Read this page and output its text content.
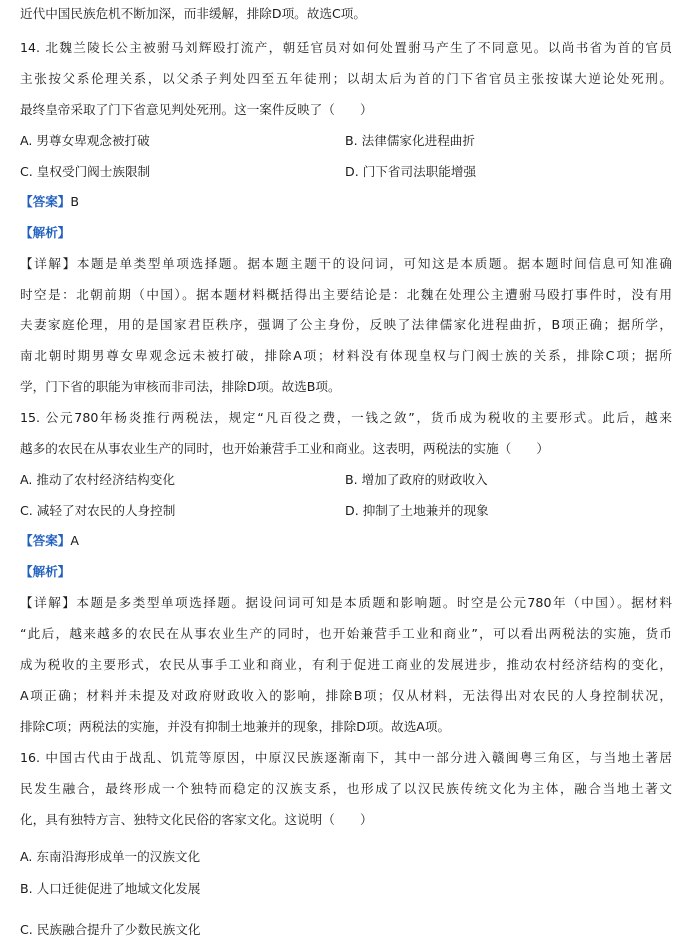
近代中国民族危机不断加深，而非缓解，排除D项。故选C项。
14. 北魏兰陵长公主被驸马刘辉殴打流产，朝廷官员对如何处置驸马产生了不同意见。以尚书省为首的官员
主张按父系伦理关系，以父杀子判处四至五年徒刑；以胡太后为首的门下省官员主张按谋大逆论处死刑。
最终皇帝采取了门下省意见判处死刑。这一案件反映了（　　）
A. 男尊女卑观念被打破	B. 法律儒家化进程曲折
C. 皇权受门阀士族限制	D. 门下省司法职能增强
【答案】B
【解析】
【详解】本题是单类型单项选择题。据本题主题干的设问词，可知这是本质题。据本题时间信息可知准确
时空是：北朝前期（中国）。据本题材料概括得出主要结论是：北魏在处理公主遭驸马殴打事件时，没有用
夫妻家庭伦理，用的是国家君臣秩序，强调了公主身份，反映了法律儒家化进程曲折，B项正确；据所学，
南北朝时期男尊女卑观念远未被打破，排除A项；材料没有体现皇权与门阀士族的关系，排除C项；据所
学，门下省的职能为审核而非司法，排除D项。故选B项。
15. 公元780年杨炎推行两税法，规定“凡百役之费，一钱之敛”，货币成为税收的主要形式。此后，越来
越多的农民在从事农业生产的同时，也开始兼营手工业和商业。这表明，两税法的实施（　　）
A. 推动了农村经济结构变化	B. 增加了政府的财政收入
C. 减轻了对农民的人身控制	D. 抑制了土地兼并的现象
【答案】A
【解析】
【详解】本题是多类型单项选择题。据设问词可知是本质题和影响题。时空是公元780年（中国）。据材料
“此后，越来越多的农民在从事农业生产的同时，也开始兼营手工业和商业”，可以看出两税法的实施，货币
成为税收的主要形式，农民从事手工业和商业，有利于促进工商业的发展进步，推动农村经济结构的变化，
A项正确；材料并未提及对政府财政收入的影响，排除B项；仅从材料，无法得出对农民的人身控制状况，
排除C项；两税法的实施，并没有抑制土地兼并的现象，排除D项。故选A项。
16. 中国古代由于战乱、饥荒等原因，中原汉民族逐渐南下，其中一部分进入赣闽粤三角区，与当地土著居
民发生融合，最终形成一个独特而稳定的汉族支系，也形成了以汉民族传统文化为主体，融合当地土著文
化，具有独特方言、独特文化民俗的客家文化。这说明（　　）
A. 东南沿海形成单一的汉族文化
B. 人口迁徙促进了地域文化发展
C. 民族融合提升了少数民族文化
